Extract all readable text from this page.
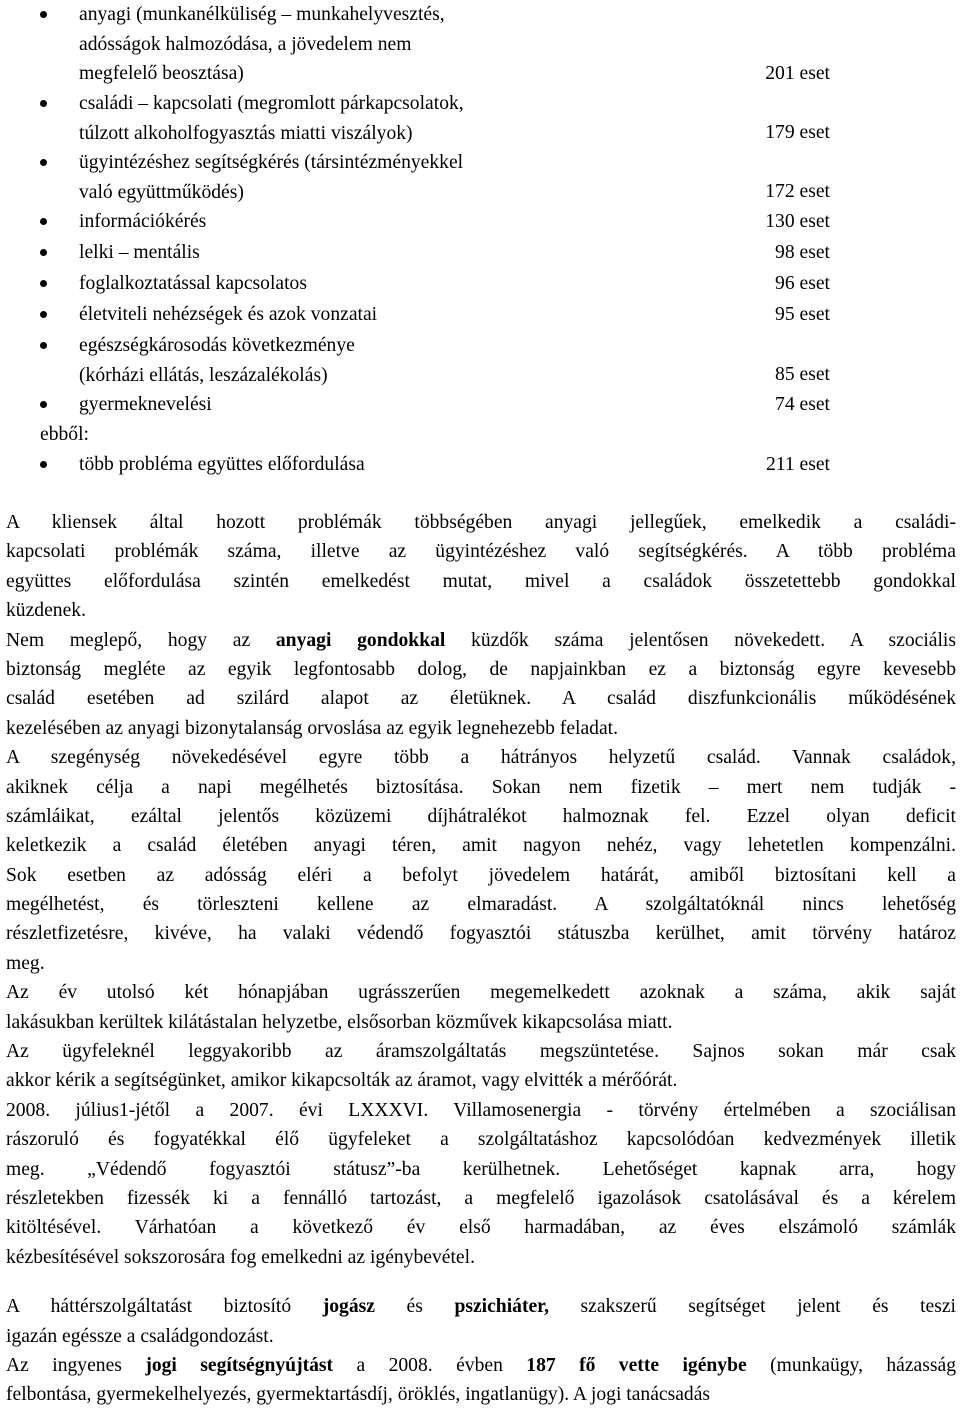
anyagi (munkanélküliség – munkahelyvesztés,
adósságok halmozódása, a jövedelem nem
megfelelő beosztása)	201 eset
családi – kapcsolati (megromlott párkapcsolatok,
túlzott alkoholfogyasztás miatti viszályok)	179 eset
ügyintézéshez segítségkérés (társintézményekkel
való együttműködés)	172 eset
információkérés	130 eset
lelki – mentális	98 eset
foglalkoztatással kapcsolatos	96 eset
életviteli nehézségek és azok vonzatai	95 eset
egészségkárosodás következménye
(kórházi ellátás, leszázalékolás)	85 eset
gyermeknevelési	74 eset
ebből:
több probléma együttes előfordulása	211 eset
A kliensek által hozott problémák többségében anyagi jellegűek, emelkedik a családi-
kapcsolati problémák száma, illetve az ügyintézéshez való segítségkérés. A több probléma
együttes előfordulása szintén emelkedést mutat, mivel a családok összetettebb gondokkal
küzdenek.
Nem meglepő, hogy az anyagi gondokkal küzdők száma jelentősen növekedett. A szociális
biztonság megléte az egyik legfontosabb dolog, de napjainkban ez a biztonság egyre kevesebb
család esetében ad szilárd alapot az életüknek. A család diszfunkcionális működésének
kezelésében az anyagi bizonytalanság orvoslása az egyik legnehezebb feladat.
A szegénység növekedésével egyre több a hátrányos helyzetű család. Vannak családok,
akiknek célja a napi megélhetés biztosítása. Sokan nem fizetik – mert nem tudják -
számláikat, ezáltal jelentős közüzemi díjhátralékot halmoznak fel. Ezzel olyan deficit
keletkezik a család életében anyagi téren, amit nagyon nehéz, vagy lehetetlen kompenzálni.
Sok esetben az adósság eléri a befolyt jövedelem határát, amiből biztosítani kell a
megélhetést, és törleszteni kellene az elmaradást. A szolgáltatóknál nincs lehetőség
részletfizetésre, kivéve, ha valaki védendő fogyasztói státuszba kerülhet, amit törvény határoz
meg.
Az év utolsó két hónapjában ugrásszerűen megemelkedett azoknak a száma, akik saját
lakásukban kerültek kilátástalan helyzetbe, elsősorban közművek kikapcsolása miatt.
Az ügyfeleknél leggyakoribb az áramszolgáltatás megszüntetése. Sajnos sokan már csak
akkor kérik a segítségünket, amikor kikapcsolták az áramot, vagy elvitték a mérőórát.
2008. július1-jétől a 2007. évi LXXXVI. Villamosenergia - törvény értelmében a szociálisan
rászoruló és fogyatékkal élő ügyfeleket a szolgáltatáshoz kapcsolódóan kedvezmények illetik
meg. „Védendő fogyasztói státusz”-ba kerülhetnek. Lehetőséget kapnak arra, hogy
részletekben fizessék ki a fennálló tartozást, a megfelelő igazolások csatolásával és a kérelem
kitöltésével. Várhatóan a következő év első harmadában, az éves elszámoló számlák
kézbesítésével sokszorosára fog emelkedni az igénybevétel.
A háttérszolgáltatást biztosító jogász és pszichiáter, szakszerű segítséget jelent és teszi
igazán egéssze a családgondozást.
Az ingyenes jogi segítségnyújtást a 2008. évben 187 fő vette igénybe (munkaügy, házasság
felbontása, gyermekelhelyezés, gyermektartásdíj, öröklés, ingatlanügy). A jogi tanácsadás
